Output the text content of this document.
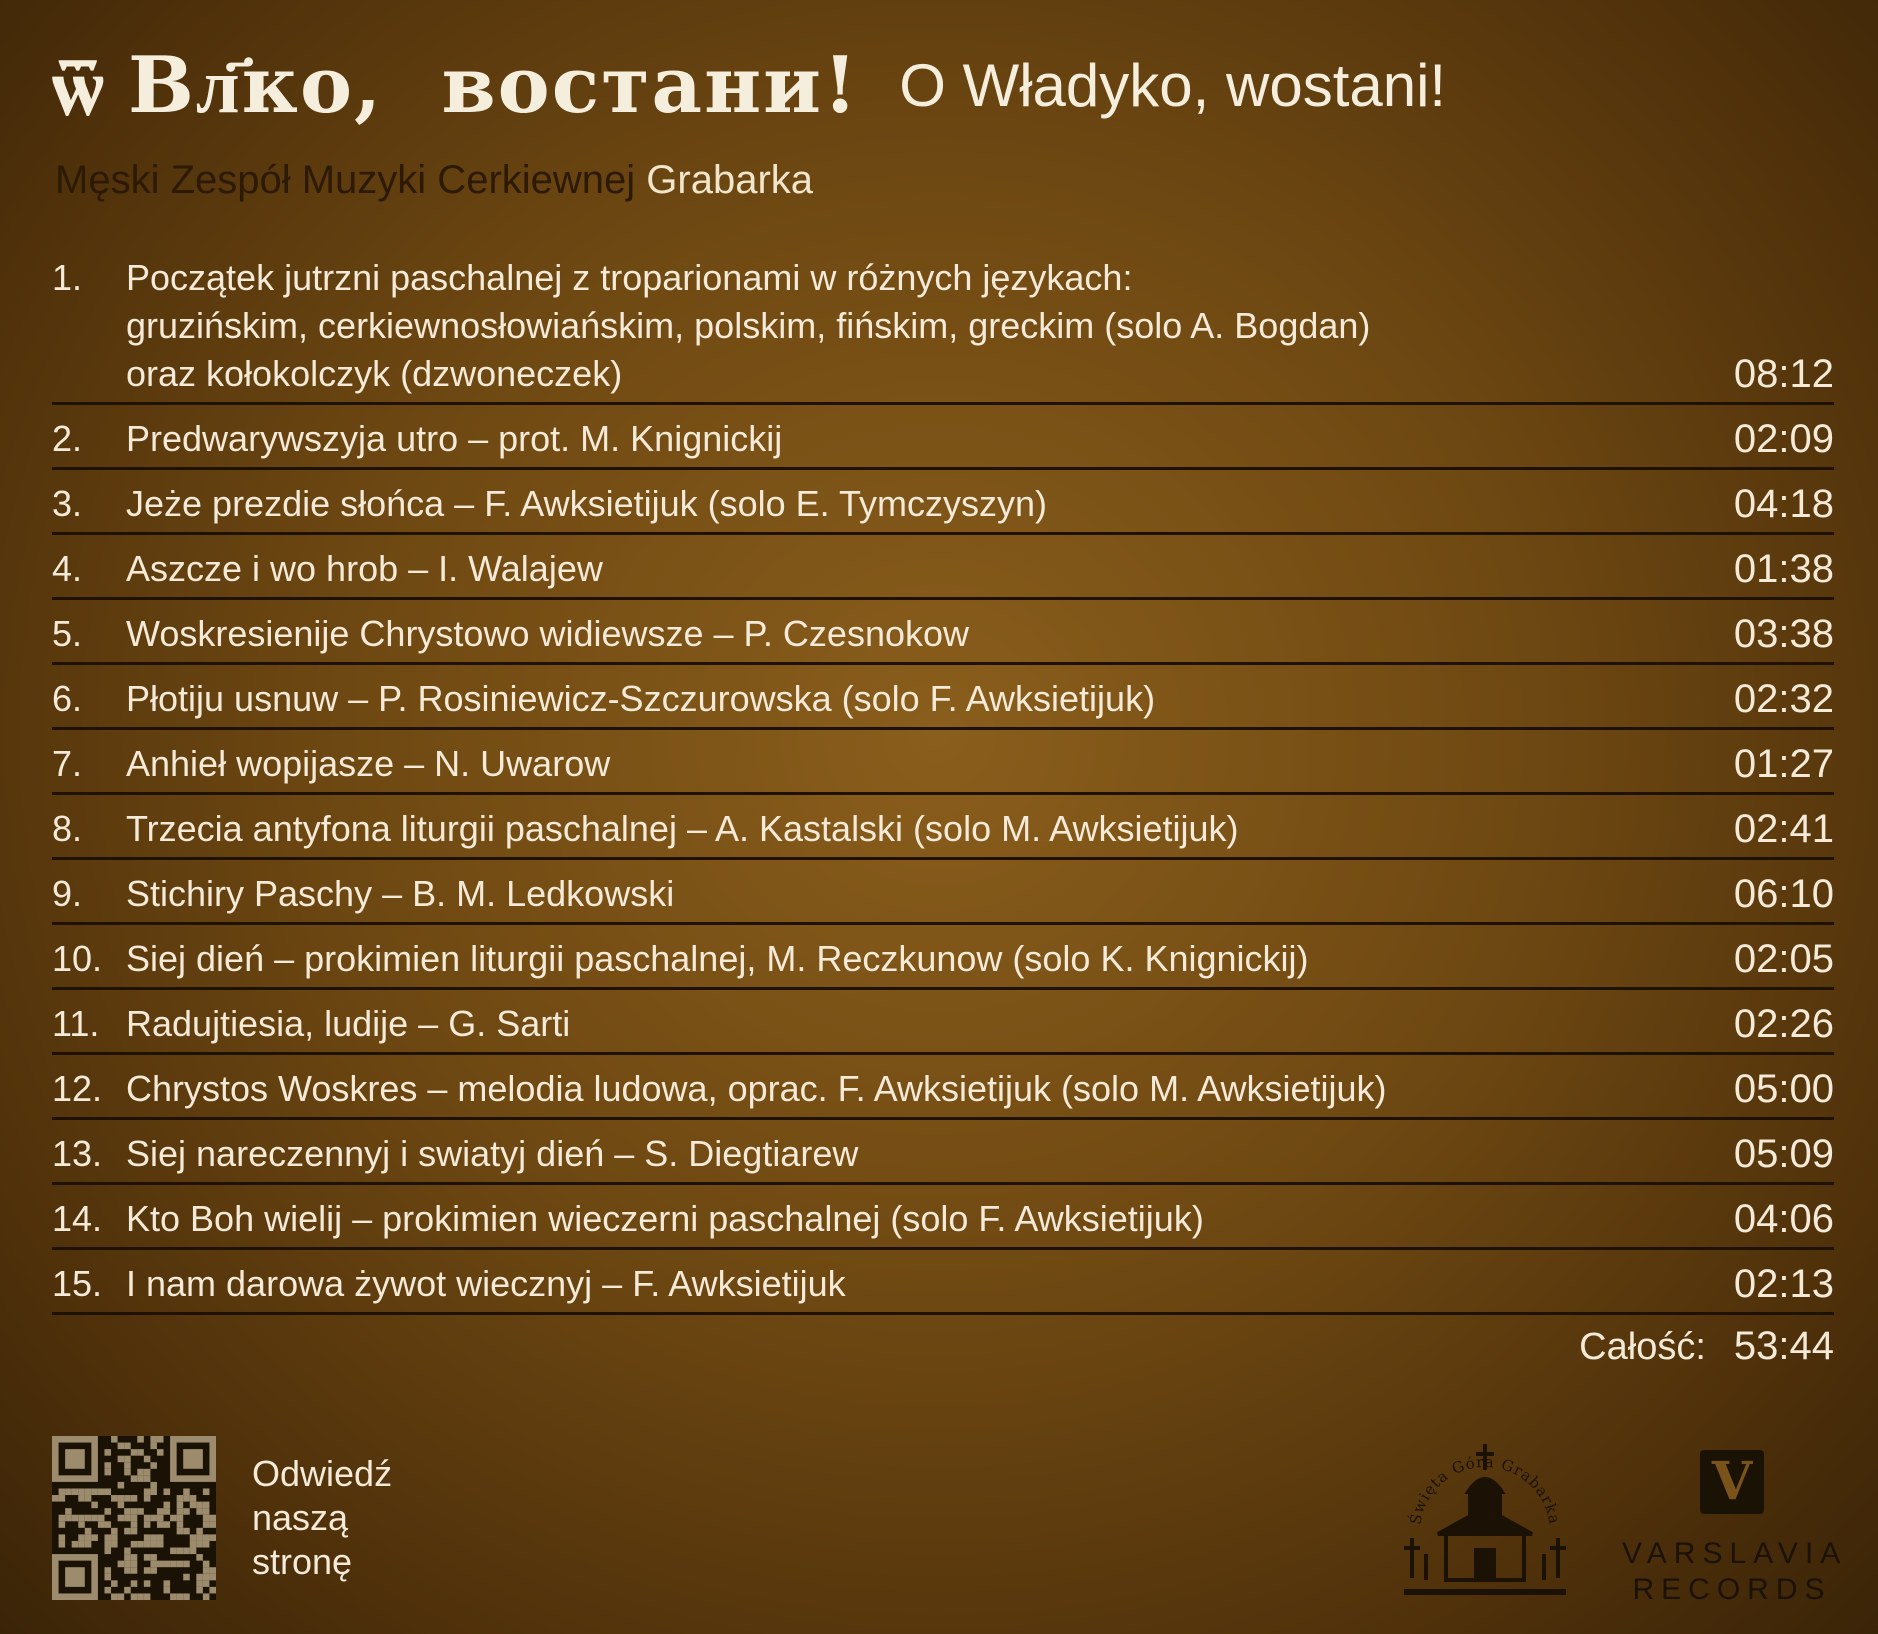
ѿ Вл҃ко,  востани! O Władyko, wostani!
Męski Zespół Muzyki Cerkiewnej Grabarka
1.	Początek jutrzni paschalnej z troparionami w różnych językach:
gruzińskim, cerkiewnosłowiańskim, polskim, fińskim, greckim (solo A. Bogdan)
oraz kołokolczyk (dzwoneczek)	08:12
2.	Predwarywszyja utro – prot. M. Knignickij	02:09
3.	Jeże prezdie słońca – F. Awksietijuk (solo E. Tymczyszyn)	04:18
4.	Aszcze i wo hrob – I. Walajew	01:38
5.	Woskresienije Chrystowo widiewsze – P. Czesnokow	03:38
6.	Płotiju usnuw – P. Rosiniewicz-Szczurowska (solo F. Awksietijuk)	02:32
7.	Anhieł wopijasze – N. Uwarow	01:27
8.	Trzecia antyfona liturgii paschalnej – A. Kastalski (solo M. Awksietijuk)	02:41
9.	Stichiry Paschy – B. M. Ledkowski	06:10
10. Siej dień – prokimien liturgii paschalnej, M. Reczkunow (solo K. Knignickij)	02:05
11. Radujtiesia, ludije – G. Sarti	02:26
12. Chrystos Woskres – melodia ludowa, oprac. F. Awksietijuk (solo M. Awksietijuk)	05:00
13. Siej nareczennyj i swiatyj dień – S. Diegtiarew	05:09
14. Kto Boh wielij – prokimien wieczerni paschalnej (solo F. Awksietijuk)	04:06
15. I nam darowa żywot wiecznyj – F. Awksietijuk	02:13
Całość: 53:44
Odwiedź
naszą
stronę
Święta Góra Grabarka
V
VARSLAVIA
RECORDS
